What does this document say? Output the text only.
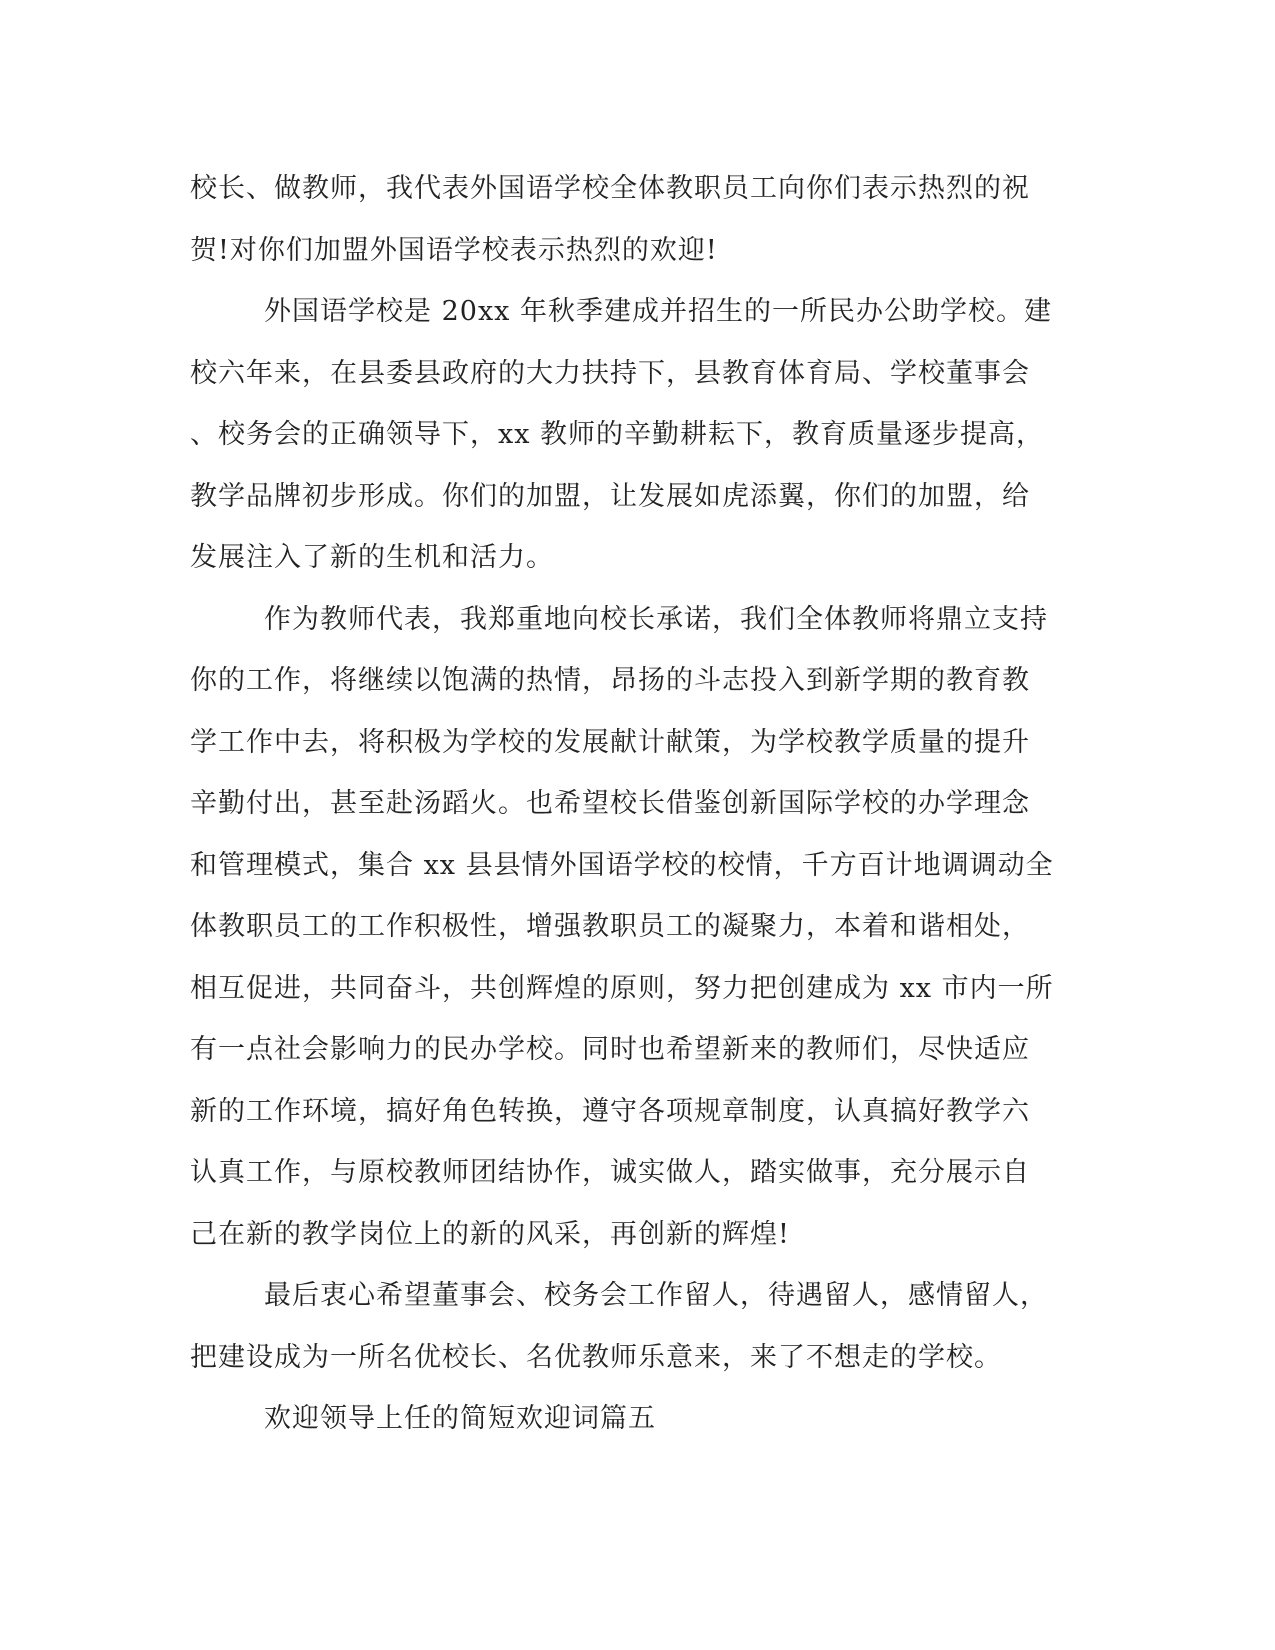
校长、做教师，我代表外国语学校全体教职员工向你们表示热烈的祝
贺!对你们加盟外国语学校表示热烈的欢迎!
外国语学校是 20xx 年秋季建成并招生的一所民办公助学校。建
校六年来，在县委县政府的大力扶持下，县教育体育局、学校董事会
、校务会的正确领导下，xx 教师的辛勤耕耘下，教育质量逐步提高，
教学品牌初步形成。你们的加盟，让发展如虎添翼，你们的加盟，给
发展注入了新的生机和活力。
作为教师代表，我郑重地向校长承诺，我们全体教师将鼎立支持
你的工作，将继续以饱满的热情，昂扬的斗志投入到新学期的教育教
学工作中去，将积极为学校的发展献计献策，为学校教学质量的提升
辛勤付出，甚至赴汤蹈火。也希望校长借鉴创新国际学校的办学理念
和管理模式，集合 xx 县县情外国语学校的校情，千方百计地调调动全
体教职员工的工作积极性，增强教职员工的凝聚力，本着和谐相处，
相互促进，共同奋斗，共创辉煌的原则，努力把创建成为 xx 市内一所
有一点社会影响力的民办学校。同时也希望新来的教师们，尽快适应
新的工作环境，搞好角色转换，遵守各项规章制度，认真搞好教学六
认真工作，与原校教师团结协作，诚实做人，踏实做事，充分展示自
己在新的教学岗位上的新的风采，再创新的辉煌!
最后衷心希望董事会、校务会工作留人，待遇留人，感情留人，
把建设成为一所名优校长、名优教师乐意来，来了不想走的学校。
欢迎领导上任的简短欢迎词篇五
